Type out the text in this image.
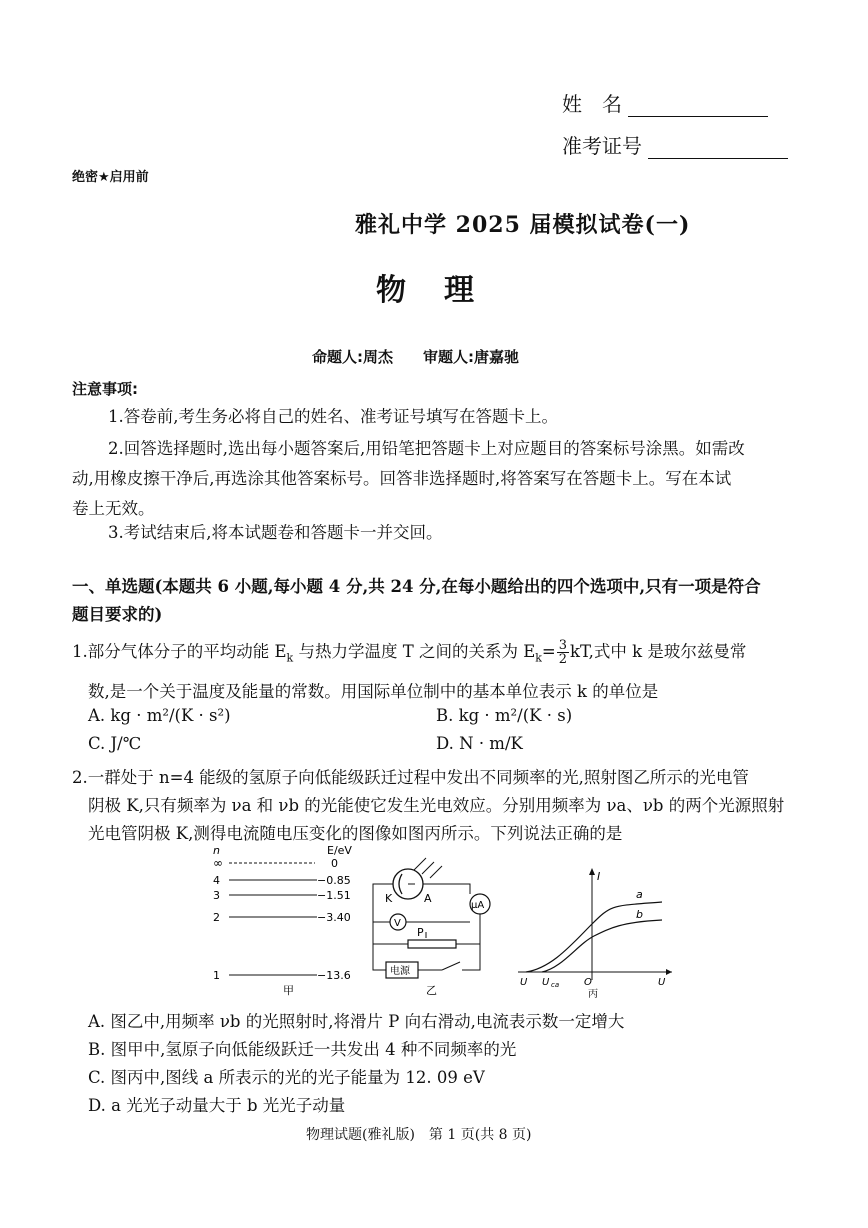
姓　名
准考证号
绝密★启用前
雅礼中学 2025 届模拟试卷(一)
物　理
命题人:周杰　　审题人:唐嘉驰
注意事项:
1.答卷前,考生务必将自己的姓名、准考证号填写在答题卡上。
2.回答选择题时,选出每小题答案后,用铅笔把答题卡上对应题目的答案标号涂黑。如需改
动,用橡皮擦干净后,再选涂其他答案标号。回答非选择题时,将答案写在答题卡上。写在本试
卷上无效。
3.考试结束后,将本试题卷和答题卡一并交回。
一、单选题(本题共 6 小题,每小题 4 分,共 24 分,在每小题给出的四个选项中,只有一项是符合
题目要求的)
1.部分气体分子的平均动能 $E_k$ 与热力学温度 T 之间的关系为 $E_k= \frac{3}{2}$ kT,式中 k 是玻尔兹曼常
数,是一个关于温度及能量的常数。用国际单位制中的基本单位表示 k 的单位是
A. kg · m²/(K · s²)	B. kg · m²/(K · s)
C. J/℃	D. N · m/K
2.一群处于 n=4 能级的氢原子向低能级跃迁过程中发出不同频率的光,照射图乙所示的光电管
阴极 K,只有频率为 νa 和 νb 的光能使它发生光电效应。分别用频率为 νa、νb 的两个光源照射
光电管阴极 K,测得电流随电压变化的图像如图丙所示。下列说法正确的是
n	E/eV
∞	0
4	−0.85
3	−1.51
2	−3.40
1	−13.6
甲
K	A
μA
V
P
电源
乙
I
a
b
U U ca O	U
丙
A. 图乙中,用频率 νb 的光照射时,将滑片 P 向右滑动,电流表示数一定增大
B. 图甲中,氢原子向低能级跃迁一共发出 4 种不同频率的光
C. 图丙中,图线 a 所表示的光的光子能量为 12. 09 eV
D. a 光光子动量大于 b 光光子动量
物理试题(雅礼版)　第 1 页(共 8 页)
